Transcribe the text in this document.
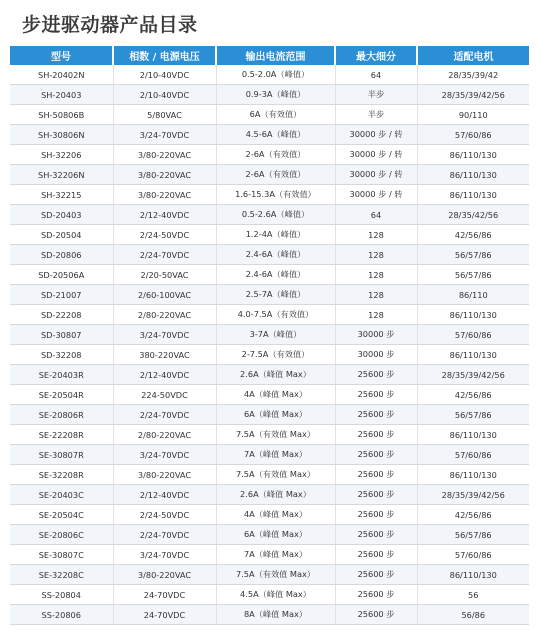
步进驱动器产品目录
型号	相数 / 电源电压	输出电流范围	最大细分	适配电机
SH-20402N	2/10-40VDC	0.5-2.0A（峰值）	64	28/35/39/42
SH-20403	2/10-40VDC	0.9-3A（峰值）	半步	28/35/39/42/56
SH-50806B	5/80VAC	6A（有效值）	半步	90/110
SH-30806N	3/24-70VDC	4.5-6A（峰值）	30000 步 / 转	57/60/86
SH-32206	3/80-220VAC	2-6A（有效值）	30000 步 / 转	86/110/130
SH-32206N	3/80-220VAC	2-6A（有效值）	30000 步 / 转	86/110/130
SH-32215	3/80-220VAC	1.6-15.3A（有效值）	30000 步 / 转	86/110/130
SD-20403	2/12-40VDC	0.5-2.6A（峰值）	64	28/35/42/56
SD-20504	2/24-50VDC	1.2-4A（峰值）	128	42/56/86
SD-20806	2/24-70VDC	2.4-6A（峰值）	128	56/57/86
SD-20506A	2/20-50VAC	2.4-6A（峰值）	128	56/57/86
SD-21007	2/60-100VAC	2.5-7A（峰值）	128	86/110
SD-22208	2/80-220VAC	4.0-7.5A（有效值）	128	86/110/130
SD-30807	3/24-70VDC	3-7A（峰值）	30000 步	57/60/86
SD-32208	380-220VAC	2-7.5A（有效值）	30000 步	86/110/130
SE-20403R	2/12-40VDC	2.6A（峰值 Max）	25600 步	28/35/39/42/56
SE-20504R	224-50VDC	4A（峰值 Max）	25600 步	42/56/86
SE-20806R	2/24-70VDC	6A（峰值 Max）	25600 步	56/57/86
SE-22208R	2/80-220VAC	7.5A（有效值 Max）	25600 步	86/110/130
SE-30807R	3/24-70VDC	7A（峰值 Max）	25600 步	57/60/86
SE-32208R	3/80-220VAC	7.5A（有效值 Max）	25600 步	86/110/130
SE-20403C	2/12-40VDC	2.6A（峰值 Max）	25600 步	28/35/39/42/56
SE-20504C	2/24-50VDC	4A（峰值 Max）	25600 步	42/56/86
SE-20806C	2/24-70VDC	6A（峰值 Max）	25600 步	56/57/86
SE-30807C	3/24-70VDC	7A（峰值 Max）	25600 步	57/60/86
SE-32208C	3/80-220VAC	7.5A（有效值 Max）	25600 步	86/110/130
SS-20804	24-70VDC	4.5A（峰值 Max）	25600 步	56
SS-20806	24-70VDC	8A（峰值 Max）	25600 步	56/86
